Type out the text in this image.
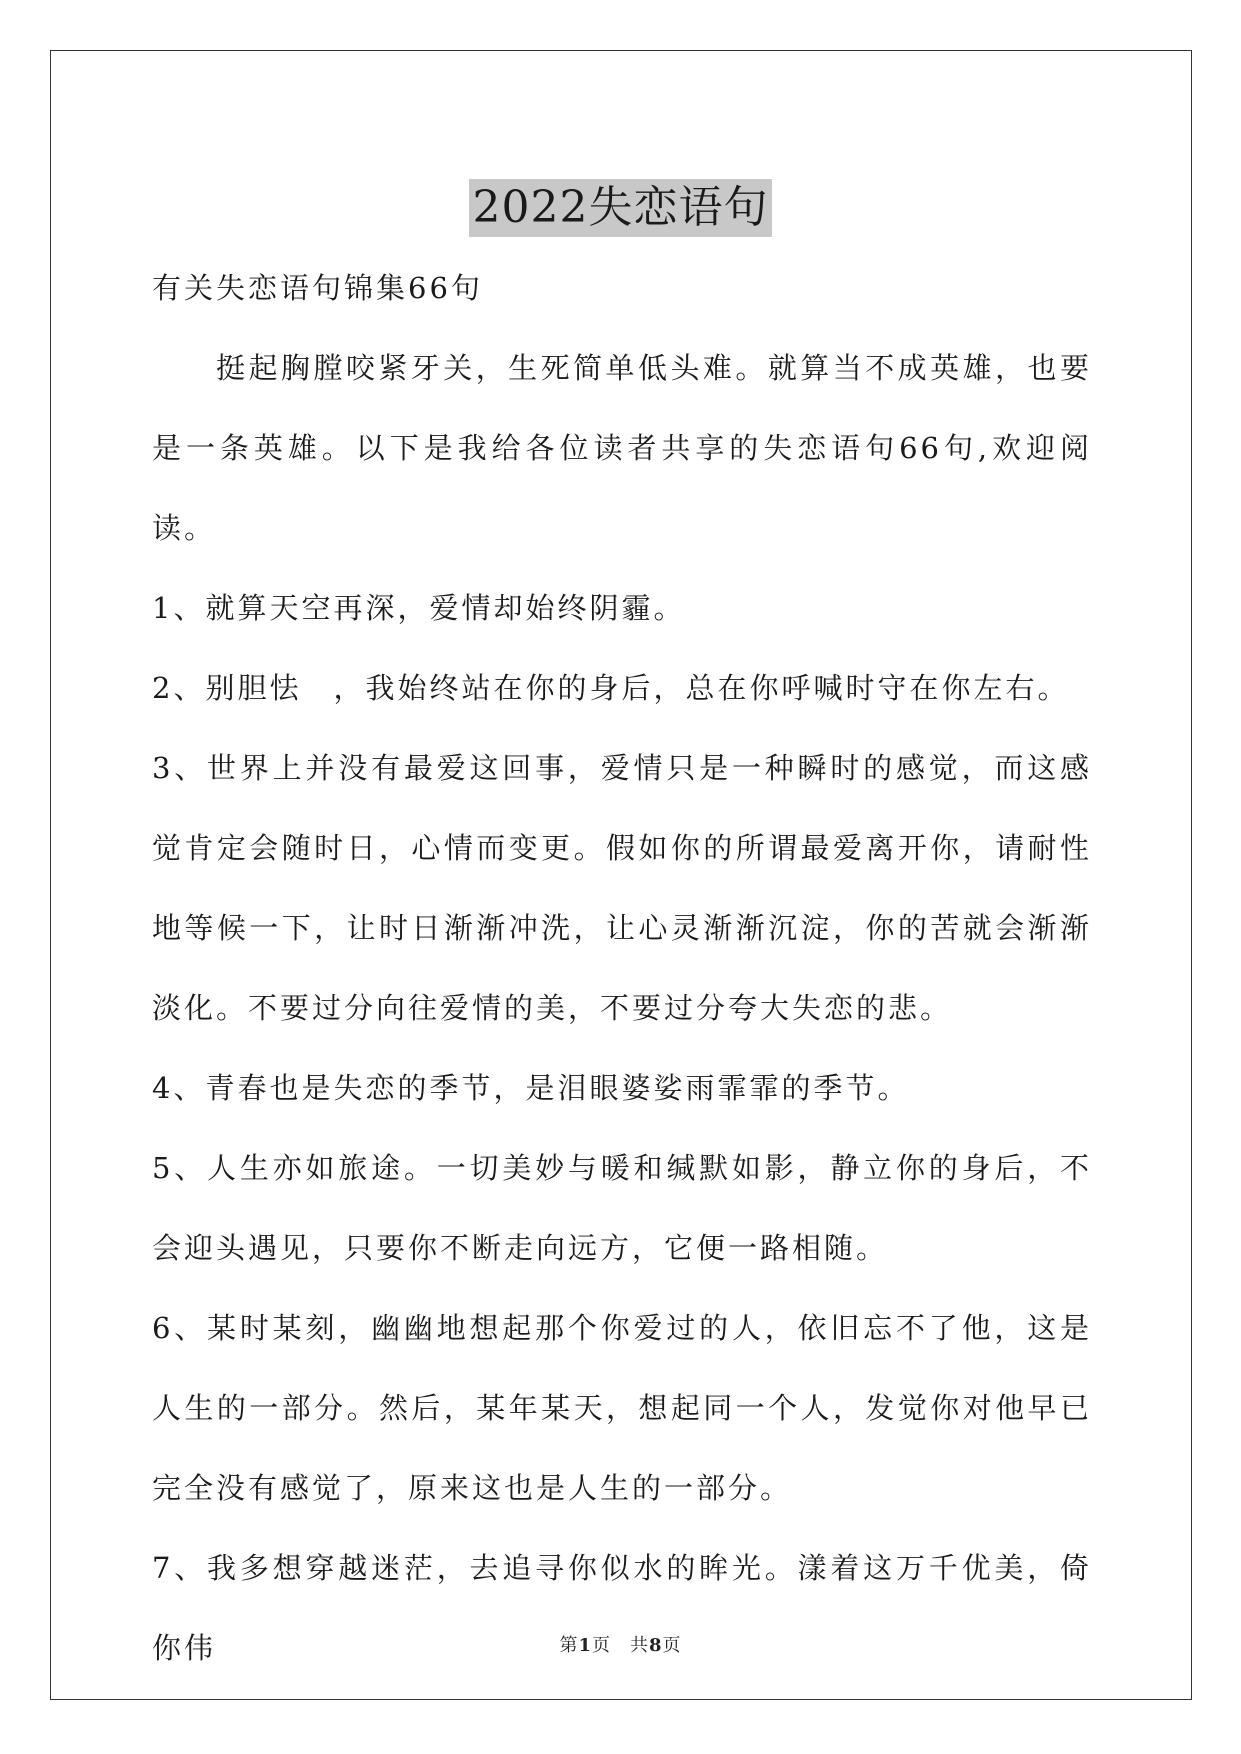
2022失恋语句

有关失恋语句锦集66句

挺起胸膛咬紧牙关，生死简单低头难。就算当不成英雄，也要是一条英雄。以下是我给各位读者共享的失恋语句66句,欢迎阅读。

1、就算天空再深，爱情却始终阴霾。

2、别胆怯　，我始终站在你的身后，总在你呼喊时守在你左右。

3、世界上并没有最爱这回事，爱情只是一种瞬时的感觉，而这感觉肯定会随时日，心情而变更。假如你的所谓最爱离开你，请耐性地等候一下，让时日渐渐冲洗，让心灵渐渐沉淀，你的苦就会渐渐淡化。不要过分向往爱情的美，不要过分夸大失恋的悲。

4、青春也是失恋的季节，是泪眼婆娑雨霏霏的季节。

5、人生亦如旅途。一切美妙与暖和缄默如影，静立你的身后，不会迎头遇见，只要你不断走向远方，它便一路相随。

6、某时某刻，幽幽地想起那个你爱过的人，依旧忘不了他，这是人生的一部分。然后，某年某天，想起同一个人，发觉你对他早已完全没有感觉了，原来这也是人生的一部分。

7、我多想穿越迷茫，去追寻你似水的眸光。漾着这万千优美，倚你伟	第1页　共8页
